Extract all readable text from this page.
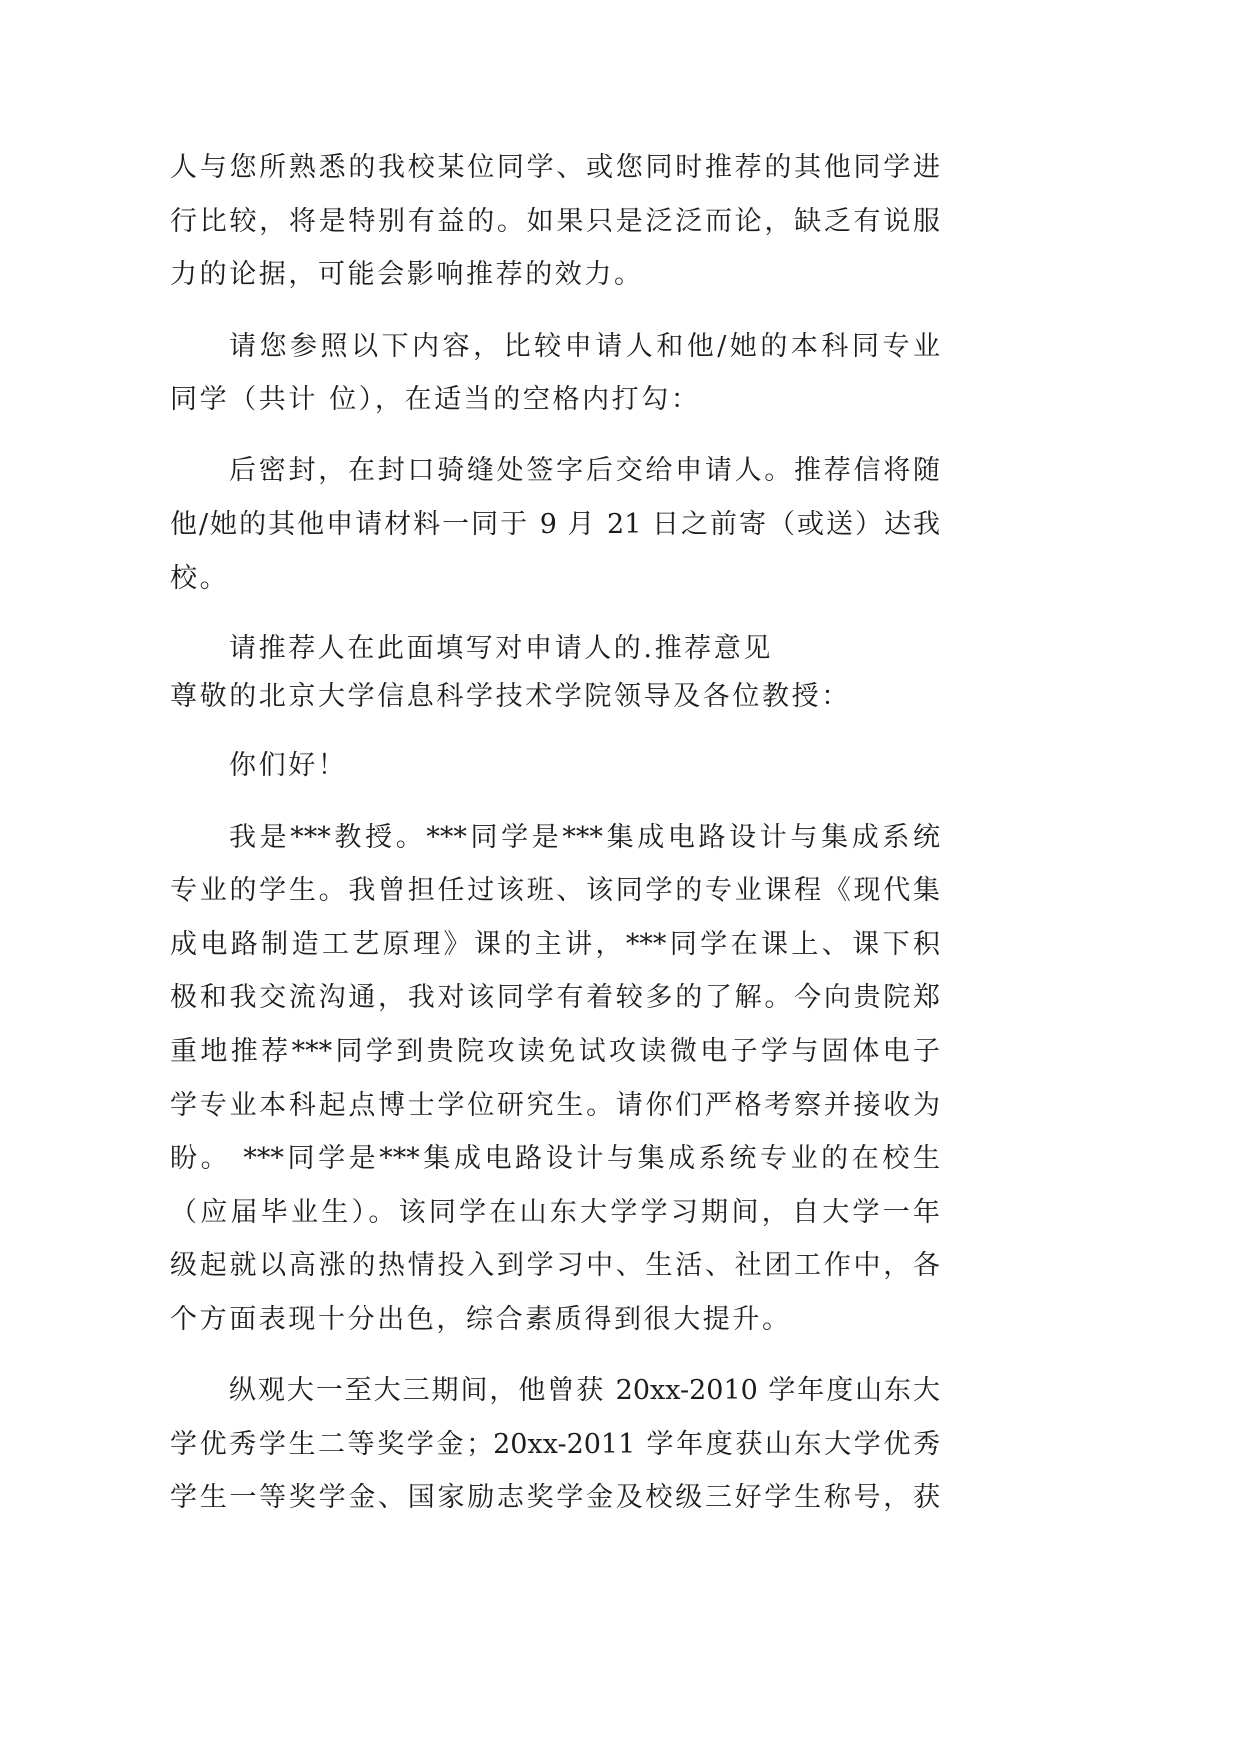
人与您所熟悉的我校某位同学、或您同时推荐的其他同学进
行比较，将是特别有益的。如果只是泛泛而论，缺乏有说服
力的论据，可能会影响推荐的效力。
请您参照以下内容，比较申请人和他/她的本科同专业
同学（共计 位），在适当的空格内打勾：
后密封，在封口骑缝处签字后交给申请人。推荐信将随
他/她的其他申请材料一同于 9 月 21 日之前寄（或送）达我
校。
请推荐人在此面填写对申请人的.推荐意见
尊敬的北京大学信息科学技术学院领导及各位教授：
你们好！
我是***教授。***同学是***集成电路设计与集成系统
专业的学生。我曾担任过该班、该同学的专业课程《现代集
成电路制造工艺原理》课的主讲，***同学在课上、课下积
极和我交流沟通，我对该同学有着较多的了解。今向贵院郑
重地推荐***同学到贵院攻读免试攻读微电子学与固体电子
学专业本科起点博士学位研究生。请你们严格考察并接收为
盼。 ***同学是***集成电路设计与集成系统专业的在校生
（应届毕业生）。该同学在山东大学学习期间，自大学一年
级起就以高涨的热情投入到学习中、生活、社团工作中，各
个方面表现十分出色，综合素质得到很大提升。
纵观大一至大三期间，他曾获 20xx-2010 学年度山东大
学优秀学生二等奖学金；20xx-2011 学年度获山东大学优秀
学生一等奖学金、国家励志奖学金及校级三好学生称号，获
